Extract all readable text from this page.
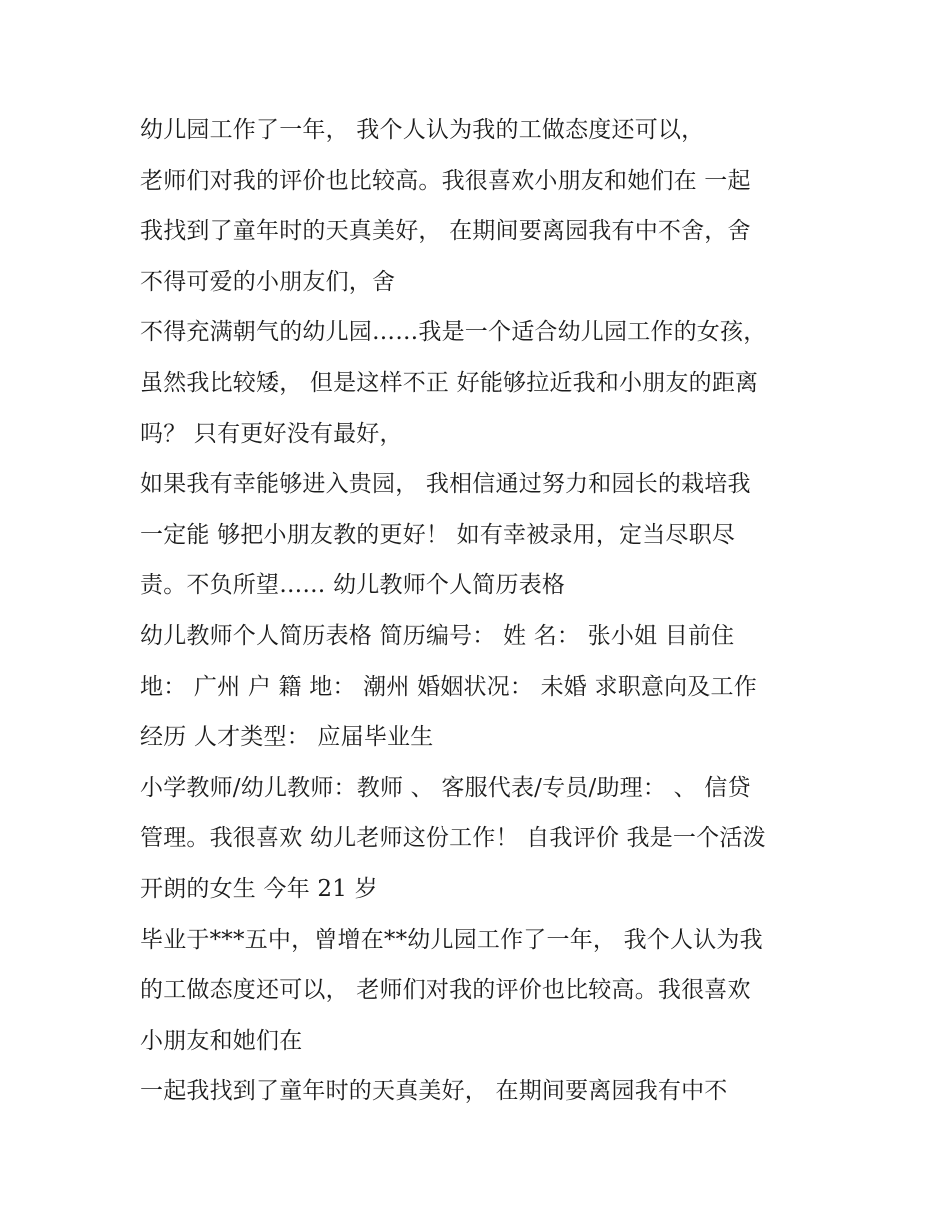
幼儿园工作了一年， 我个人认为我的工做态度还可以，
老师们对我的评价也比较高。我很喜欢小朋友和她们在 一起
我找到了童年时的天真美好， 在期间要离园我有中不舍，舍
不得可爱的小朋友们，舍
不得充满朝气的幼儿园……我是一个适合幼儿园工作的女孩，
虽然我比较矮， 但是这样不正 好能够拉近我和小朋友的距离
吗？ 只有更好没有最好，
如果我有幸能够进入贵园， 我相信通过努力和园长的栽培我
一定能 够把小朋友教的更好！ 如有幸被录用，定当尽职尽
责。不负所望…… 幼儿教师个人简历表格
幼儿教师个人简历表格 简历编号： 姓 名： 张小姐 目前住
地： 广州 户 籍 地： 潮州 婚姻状况： 未婚 求职意向及工作
经历 人才类型： 应届毕业生
小学教师/幼儿教师：教师 、 客服代表/专员/助理： 、 信贷
管理。我很喜欢 幼儿老师这份工作！ 自我评价 我是一个活泼
开朗的女生 今年 21 岁
毕业于***五中，曾增在**幼儿园工作了一年， 我个人认为我
的工做态度还可以， 老师们对我的评价也比较高。我很喜欢
小朋友和她们在
一起我找到了童年时的天真美好， 在期间要离园我有中不
